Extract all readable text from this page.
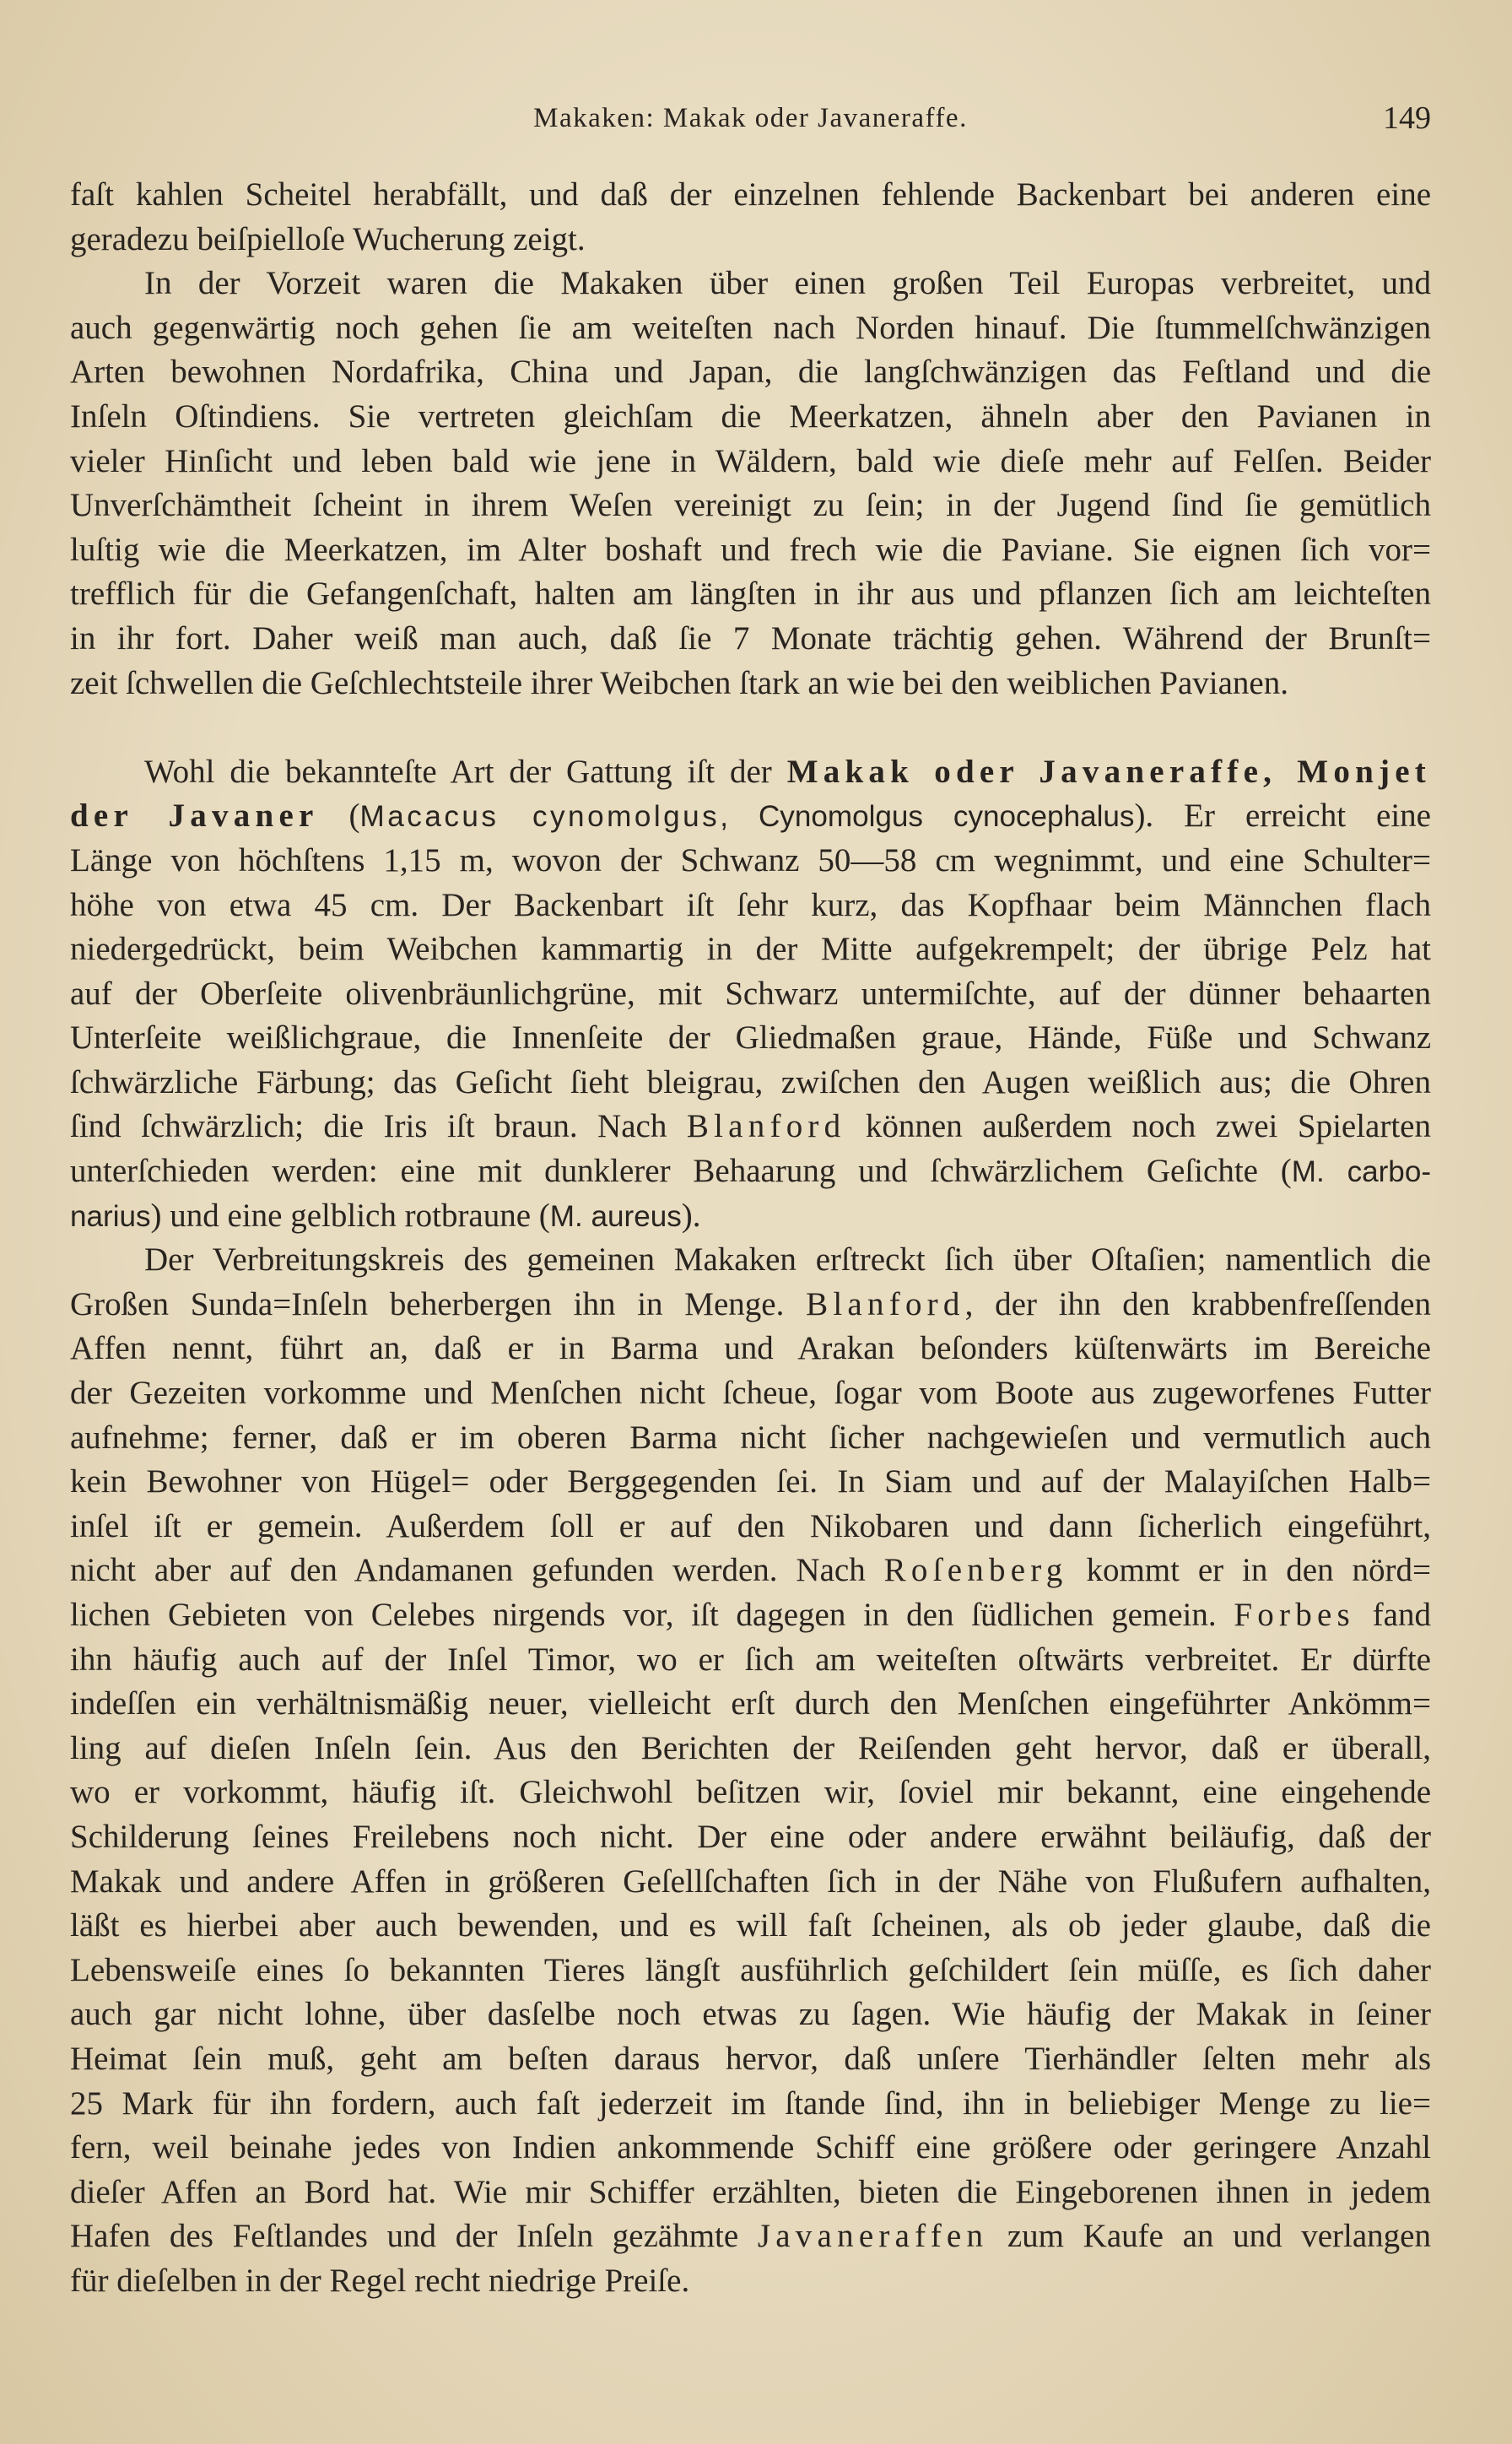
Makaken: Makak oder Javaneraffe.	149
faſt kahlen Scheitel herabfällt, und daß der einzelnen fehlende Backenbart bei anderen eine
geradezu beiſpielloſe Wucherung zeigt.
In der Vorzeit waren die Makaken über einen großen Teil Europas verbreitet, und
auch gegenwärtig noch gehen ſie am weiteſten nach Norden hinauf. Die ſtummelſchwänzigen
Arten bewohnen Nordafrika, China und Japan, die langſchwänzigen das Feſtland und die
Inſeln Oſtindiens. Sie vertreten gleichſam die Meerkatzen, ähneln aber den Pavianen in
vieler Hinſicht und leben bald wie jene in Wäldern, bald wie dieſe mehr auf Felſen. Beider
Unverſchämtheit ſcheint in ihrem Weſen vereinigt zu ſein; in der Jugend ſind ſie gemütlich
luſtig wie die Meerkatzen, im Alter boshaft und frech wie die Paviane. Sie eignen ſich vor=
trefflich für die Gefangenſchaft, halten am längſten in ihr aus und pflanzen ſich am leichteſten
in ihr fort. Daher weiß man auch, daß ſie 7 Monate trächtig gehen. Während der Brunſt=
zeit ſchwellen die Geſchlechtsteile ihrer Weibchen ſtark an wie bei den weiblichen Pavianen.
Wohl die bekannteſte Art der Gattung iſt der Makak oder Javaneraffe, Monjet
der Javaner (Macacus cynomolgus, Cynomolgus cynocephalus). Er erreicht eine
Länge von höchſtens 1,15 m, wovon der Schwanz 50—58 cm wegnimmt, und eine Schulter=
höhe von etwa 45 cm. Der Backenbart iſt ſehr kurz, das Kopfhaar beim Männchen flach
niedergedrückt, beim Weibchen kammartig in der Mitte aufgekrempelt; der übrige Pelz hat
auf der Oberſeite olivenbräunlichgrüne, mit Schwarz untermiſchte, auf der dünner behaarten
Unterſeite weißlichgraue, die Innenſeite der Gliedmaßen graue, Hände, Füße und Schwanz
ſchwärzliche Färbung; das Geſicht ſieht bleigrau, zwiſchen den Augen weißlich aus; die Ohren
ſind ſchwärzlich; die Iris iſt braun. Nach Blanford können außerdem noch zwei Spielarten
unterſchieden werden: eine mit dunklerer Behaarung und ſchwärzlichem Geſichte (M. carbo-
narius) und eine gelblich rotbraune (M. aureus).
Der Verbreitungskreis des gemeinen Makaken erſtreckt ſich über Oſtaſien; namentlich die
Großen Sunda=Inſeln beherbergen ihn in Menge. Blanford, der ihn den krabbenfreſſenden
Affen nennt, führt an, daß er in Barma und Arakan beſonders küſtenwärts im Bereiche
der Gezeiten vorkomme und Menſchen nicht ſcheue, ſogar vom Boote aus zugeworfenes Futter
aufnehme; ferner, daß er im oberen Barma nicht ſicher nachgewieſen und vermutlich auch
kein Bewohner von Hügel= oder Berggegenden ſei. In Siam und auf der Malayiſchen Halb=
inſel iſt er gemein. Außerdem ſoll er auf den Nikobaren und dann ſicherlich eingeführt,
nicht aber auf den Andamanen gefunden werden. Nach Roſenberg kommt er in den nörd=
lichen Gebieten von Celebes nirgends vor, iſt dagegen in den ſüdlichen gemein. Forbes fand
ihn häufig auch auf der Inſel Timor, wo er ſich am weiteſten oſtwärts verbreitet. Er dürfte
indeſſen ein verhältnismäßig neuer, vielleicht erſt durch den Menſchen eingeführter Ankömm=
ling auf dieſen Inſeln ſein. Aus den Berichten der Reiſenden geht hervor, daß er überall,
wo er vorkommt, häufig iſt. Gleichwohl beſitzen wir, ſoviel mir bekannt, eine eingehende
Schilderung ſeines Freilebens noch nicht. Der eine oder andere erwähnt beiläufig, daß der
Makak und andere Affen in größeren Geſellſchaften ſich in der Nähe von Flußufern aufhalten,
läßt es hierbei aber auch bewenden, und es will faſt ſcheinen, als ob jeder glaube, daß die
Lebensweiſe eines ſo bekannten Tieres längſt ausführlich geſchildert ſein müſſe, es ſich daher
auch gar nicht lohne, über dasſelbe noch etwas zu ſagen. Wie häufig der Makak in ſeiner
Heimat ſein muß, geht am beſten daraus hervor, daß unſere Tierhändler ſelten mehr als
25 Mark für ihn fordern, auch faſt jederzeit im ſtande ſind, ihn in beliebiger Menge zu lie=
fern, weil beinahe jedes von Indien ankommende Schiff eine größere oder geringere Anzahl
dieſer Affen an Bord hat. Wie mir Schiffer erzählten, bieten die Eingeborenen ihnen in jedem
Hafen des Feſtlandes und der Inſeln gezähmte Javaneraffen zum Kaufe an und verlangen
für dieſelben in der Regel recht niedrige Preiſe.
